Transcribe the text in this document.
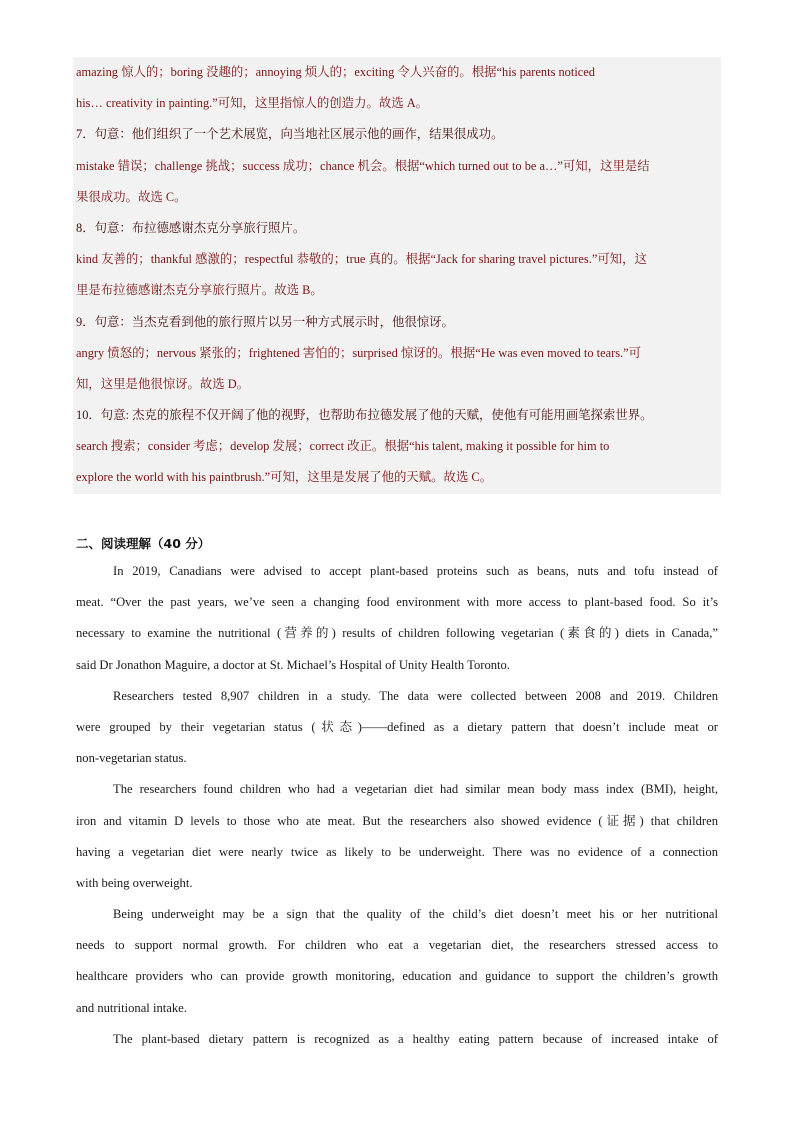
amazing 惊人的；boring 没趣的；annoying 烦人的；exciting 令人兴奋的。根据“his parents noticed
his… creativity in painting.”可知，这里指惊人的创造力。故选 A。
7．句意：他们组织了一个艺术展览，向当地社区展示他的画作，结果很成功。
mistake 错误；challenge 挑战；success 成功；chance 机会。根据“which turned out to be a…”可知，这里是结
果很成功。故选 C。
8．句意：布拉德感谢杰克分享旅行照片。
kind 友善的；thankful 感激的；respectful 恭敬的；true 真的。根据“Jack for sharing travel pictures.”可知，这
里是布拉德感谢杰克分享旅行照片。故选 B。
9．句意：当杰克看到他的旅行照片以另一种方式展示时，他很惊讶。
angry 愤怒的；nervous 紧张的；frightened 害怕的；surprised 惊讶的。根据“He was even moved to tears.”可
知，这里是他很惊讶。故选 D。
10．句意: 杰克的旅程不仅开阔了他的视野，也帮助布拉德发展了他的天赋，使他有可能用画笔探索世界。
search 搜索；consider 考虑；develop 发展；correct 改正。根据“his talent, making it possible for him to
explore the world with his paintbrush.”可知，这里是发展了他的天赋。故选 C。
二、阅读理解（40 分）
In 2019, Canadians were advised to accept plant-based proteins such as beans, nuts and tofu instead of
meat. “Over the past years, we’ve seen a changing food environment with more access to plant-based food. So it’s
necessary to examine the nutritional (营养的) results of children following vegetarian (素食的) diets in Canada,”
said Dr Jonathon Maguire, a doctor at St. Michael’s Hospital of Unity Health Toronto.
Researchers tested 8,907 children in a study. The data were collected between 2008 and 2019. Children
were grouped by their vegetarian status (状态)——defined as a dietary pattern that doesn’t include meat or
non-vegetarian status.
The researchers found children who had a vegetarian diet had similar mean body mass index (BMI), height,
iron and vitamin D levels to those who ate meat. But the researchers also showed evidence (证据) that children
having a vegetarian diet were nearly twice as likely to be underweight. There was no evidence of a connection
with being overweight.
Being underweight may be a sign that the quality of the child’s diet doesn’t meet his or her nutritional
needs to support normal growth. For children who eat a vegetarian diet, the researchers stressed access to
healthcare providers who can provide growth monitoring, education and guidance to support the children’s growth
and nutritional intake.
The plant-based dietary pattern is recognized as a healthy eating pattern because of increased intake of
